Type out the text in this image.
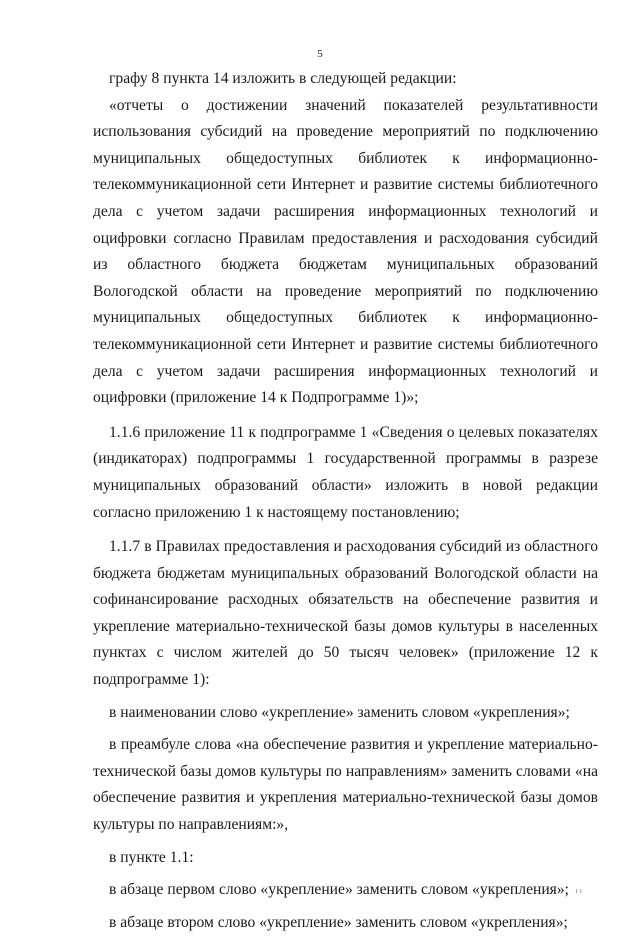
5

графу 8 пункта 14 изложить в следующей редакции:

«отчеты о достижении значений показателей результативности использования субсидий на проведение мероприятий по подключению муниципальных общедоступных библиотек к информационно-телекоммуникационной сети Интернет и развитие системы библиотечного дела с учетом задачи расширения информационных технологий и оцифровки согласно Правилам предоставления и расходования субсидий из областного бюджета бюджетам муниципальных образований Вологодской области на проведение мероприятий по подключению муниципальных общедоступных библиотек к информационно-телекоммуникационной сети Интернет и развитие системы библиотечного дела с учетом задачи расширения информационных технологий и оцифровки (приложение 14 к Подпрограмме 1)»;

1.1.6 приложение 11 к подпрограмме 1 «Сведения о целевых показателях (индикаторах) подпрограммы 1 государственной программы в разрезе муниципальных образований области» изложить в новой редакции согласно приложению 1 к настоящему постановлению;

1.1.7 в Правилах предоставления и расходования субсидий из областного бюджета бюджетам муниципальных образований Вологодской области на софинансирование расходных обязательств на обеспечение развития и укрепление материально-технической базы домов культуры в населенных пунктах с числом жителей до 50 тысяч человек» (приложение 12 к подпрограмме 1):

в наименовании слово «укрепление» заменить словом «укрепления»;

в преамбуле слова «на обеспечение развития и укрепление материально-технической базы домов культуры по направлениям» заменить словами «на обеспечение развития и укрепления материально-технической базы домов культуры по направлениям:»,

в пункте 1.1:

в абзаце первом слово «укрепление» заменить словом «укрепления»;

в абзаце втором слово «укрепление» заменить словом «укрепления»;

ı ı
